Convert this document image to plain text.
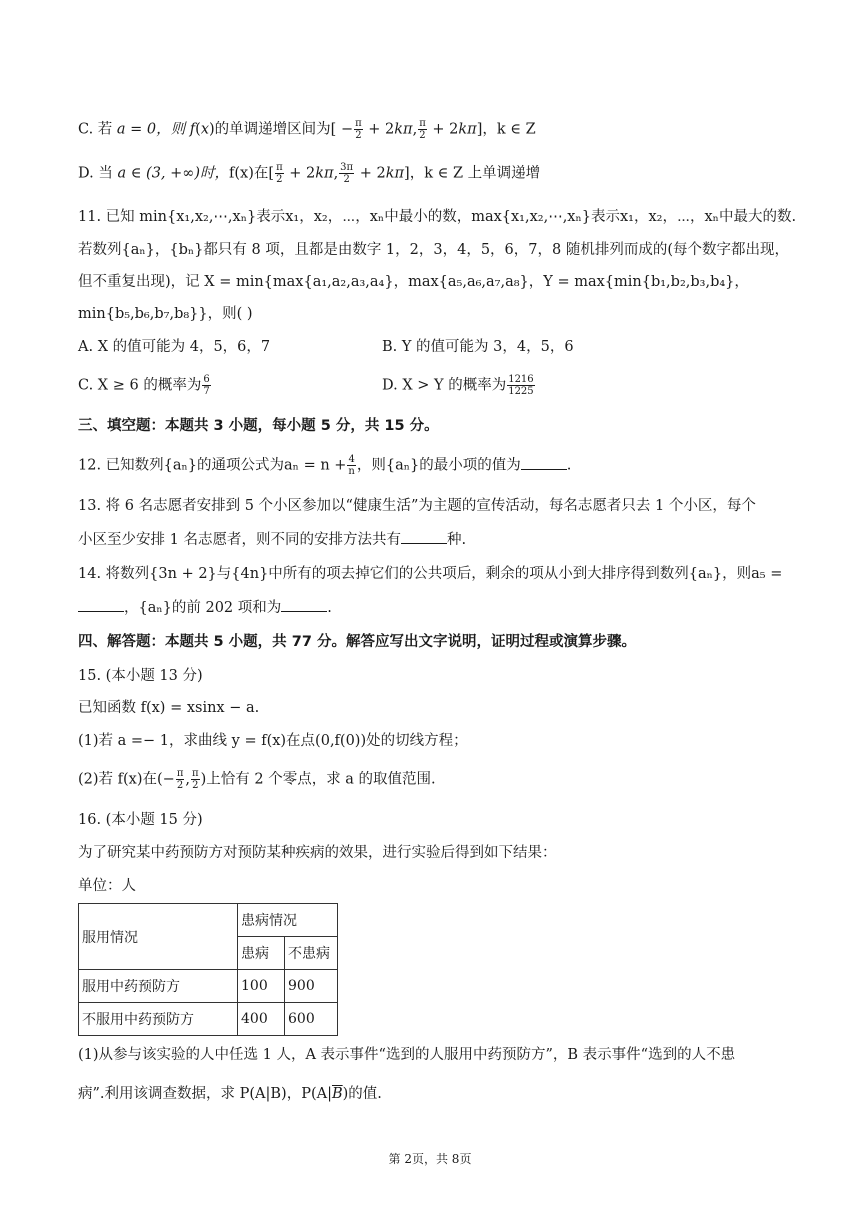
C. 若 a = 0，则 f(x)的单调递增区间为[ − $\frac{\pi}{2} + 2k\pi$, $\frac{\pi}{2} + 2k\pi$]，k ∈ Z
D. 当 a ∈ (3, +∞)时，f(x)在[ $\frac{\pi}{2} + 2k\pi$, $\frac{3\pi}{2} + 2k\pi$]，k ∈ Z 上单调递增
11. 已知 min{x₁,x₂,⋯,xₙ}表示x₁，x₂，⋯，xₙ中最小的数，max{x₁,x₂,⋯,xₙ}表示x₁，x₂，⋯，xₙ中最大的数.
若数列{aₙ}，{bₙ}都只有 8 项，且都是由数字 1，2，3，4，5，6，7，8 随机排列而成的(每个数字都出现，
但不重复出现)，记 X = min{max{a₁,a₂,a₃,a₄}，max{a₅,a₆,a₇,a₈}，Y = max{min{b₁,b₂,b₃,b₄}，
min{b₅,b₆,b₇,b₈}}，则( )
A. X 的值可能为 4，5，6，7	B. Y 的值可能为 3，4，5，6
C. X ≥ 6 的概率为 $\frac{6}{7}$	D. X > Y 的概率为 $\frac{1216}{1225}$
三、填空题：本题共 3 小题，每小题 5 分，共 15 分。
12. 已知数列{aₙ}的通项公式为$a_n = n + \frac{4}{n}$ ，则{aₙ}的最小项的值为	.
13. 将 6 名志愿者安排到 5 个小区参加以“健康生活”为主题的宣传活动，每名志愿者只去 1 个小区，每个
小区至少安排 1 名志愿者，则不同的安排方法共有	种.
14. 将数列{3n + 2}与{4n}中所有的项去掉它们的公共项后，剩余的项从小到大排序得到数列{aₙ}，则a₅ =
，{aₙ}的前 202 项和为	.
四、解答题：本题共 5 小题，共 77 分。解答应写出文字说明，证明过程或演算步骤。
15. (本小题 13 分)
已知函数 f(x) = xsinx − a.
(1)若 a =− 1，求曲线 y = f(x)在点(0,f(0))处的切线方程；
(2)若 f(x)在(− $\frac{\pi}{2}$ , $\frac{\pi}{2}$ )上恰有 2 个零点，求 a 的取值范围.
16. (本小题 15 分)
为了研究某中药预防方对预防某种疾病的效果，进行实验后得到如下结果：
单位：人
服用情况	患病情况	
	患病	不患病
服用中药预防方	100	900
不服用中药预防方	400	600
(1)从参与该实验的人中任选 1 人，A 表示事件“选到的人服用中药预防方”，B 表示事件“选到的人不患
病”.利用该调查数据，求 P(A|B)，$P(A|\overline{B})$的值.
第 2页，共 8页
